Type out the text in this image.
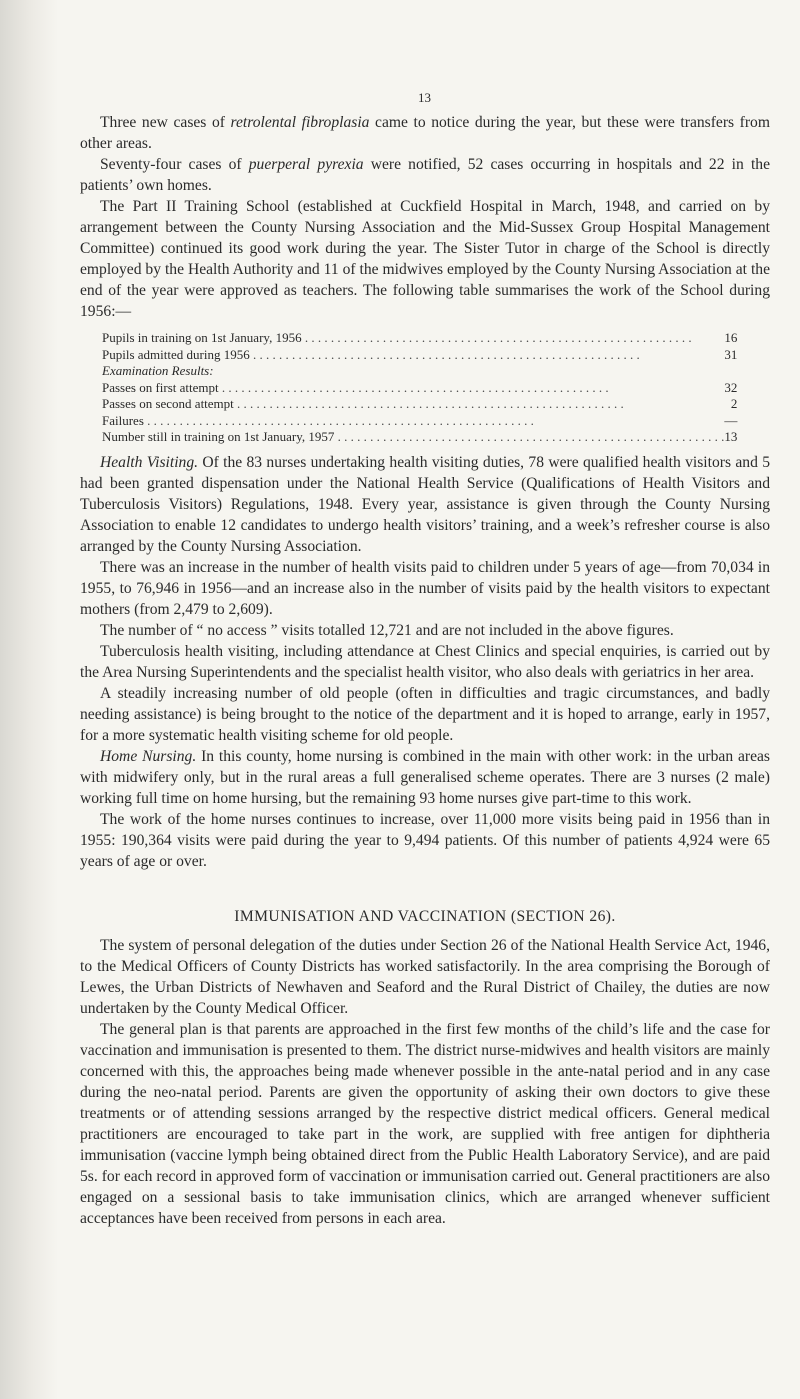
13

Three new cases of retrolental fibroplasia came to notice during the year, but these were transfers from other areas.

Seventy-four cases of puerperal pyrexia were notified, 52 cases occurring in hospitals and 22 in the patients’ own homes.

The Part II Training School (established at Cuckfield Hospital in March, 1948, and carried on by arrangement between the County Nursing Association and the Mid-Sussex Group Hospital Management Committee) continued its good work during the year. The Sister Tutor in charge of the School is directly employed by the Health Authority and 11 of the midwives employed by the County Nursing Association at the end of the year were approved as teachers. The following table summarises the work of the School during 1956:—

Pupils in training on 1st January, 1956 . . . . . . . . . . . . . . . . . . . . . . . . . . . . . . . . . . . . . . . . . . . . . . . . . . . . . . . . . . . .	16
Pupils admitted during 1956 . . . . . . . . . . . . . . . . . . . . . . . . . . . . . . . . . . . . . . . . . . . . . . . . . . . . . . . . . . . .	31
Examination Results:	
Passes on first attempt . . . . . . . . . . . . . . . . . . . . . . . . . . . . . . . . . . . . . . . . . . . . . . . . . . . . . . . . . . . .	32
Passes on second attempt . . . . . . . . . . . . . . . . . . . . . . . . . . . . . . . . . . . . . . . . . . . . . . . . . . . . . . . . . . . .	2
Failures . . . . . . . . . . . . . . . . . . . . . . . . . . . . . . . . . . . . . . . . . . . . . . . . . . . . . . . . . . . .	—
Number still in training on 1st January, 1957 . . . . . . . . . . . . . . . . . . . . . . . . . . . . . . . . . . . . . . . . . . . . . . . . . . . . . . . . . . . .	13

Health Visiting. Of the 83 nurses undertaking health visiting duties, 78 were qualified health visitors and 5 had been granted dispensation under the National Health Service (Qualifications of Health Visitors and Tuberculosis Visitors) Regulations, 1948. Every year, assistance is given through the County Nursing Association to enable 12 candidates to undergo health visitors’ training, and a week’s refresher course is also arranged by the County Nursing Association.

There was an increase in the number of health visits paid to children under 5 years of age—from 70,034 in 1955, to 76,946 in 1956—and an increase also in the number of visits paid by the health visitors to expectant mothers (from 2,479 to 2,609).

The number of “ no access ” visits totalled 12,721 and are not included in the above figures.

Tuberculosis health visiting, including attendance at Chest Clinics and special enquiries, is carried out by the Area Nursing Superintendents and the specialist health visitor, who also deals with geriatrics in her area.

A steadily increasing number of old people (often in difficulties and tragic circumstances, and badly needing assistance) is being brought to the notice of the department and it is hoped to arrange, early in 1957, for a more systematic health visiting scheme for old people.

Home Nursing. In this county, home nursing is combined in the main with other work: in the urban areas with midwifery only, but in the rural areas a full generalised scheme operates. There are 3 nurses (2 male) working full time on home hursing, but the remaining 93 home nurses give part-time to this work.

The work of the home nurses continues to increase, over 11,000 more visits being paid in 1956 than in 1955: 190,364 visits were paid during the year to 9,494 patients. Of this number of patients 4,924 were 65 years of age or over.

IMMUNISATION AND VACCINATION (SECTION 26).

The system of personal delegation of the duties under Section 26 of the National Health Service Act, 1946, to the Medical Officers of County Districts has worked satisfactorily. In the area comprising the Borough of Lewes, the Urban Districts of Newhaven and Seaford and the Rural District of Chailey, the duties are now undertaken by the County Medical Officer.

The general plan is that parents are approached in the first few months of the child’s life and the case for vaccination and immunisation is presented to them. The district nurse-midwives and health visitors are mainly concerned with this, the approaches being made whenever possible in the ante-natal period and in any case during the neo-natal period. Parents are given the opportunity of asking their own doctors to give these treatments or of attending sessions arranged by the respective district medical officers. General medical practitioners are encouraged to take part in the work, are supplied with free antigen for diphtheria immunisation (vaccine lymph being obtained direct from the Public Health Laboratory Service), and are paid 5s. for each record in approved form of vaccination or immunisation carried out. General practitioners are also engaged on a sessional basis to take immunisation clinics, which are arranged whenever sufficient acceptances have been received from persons in each area.
